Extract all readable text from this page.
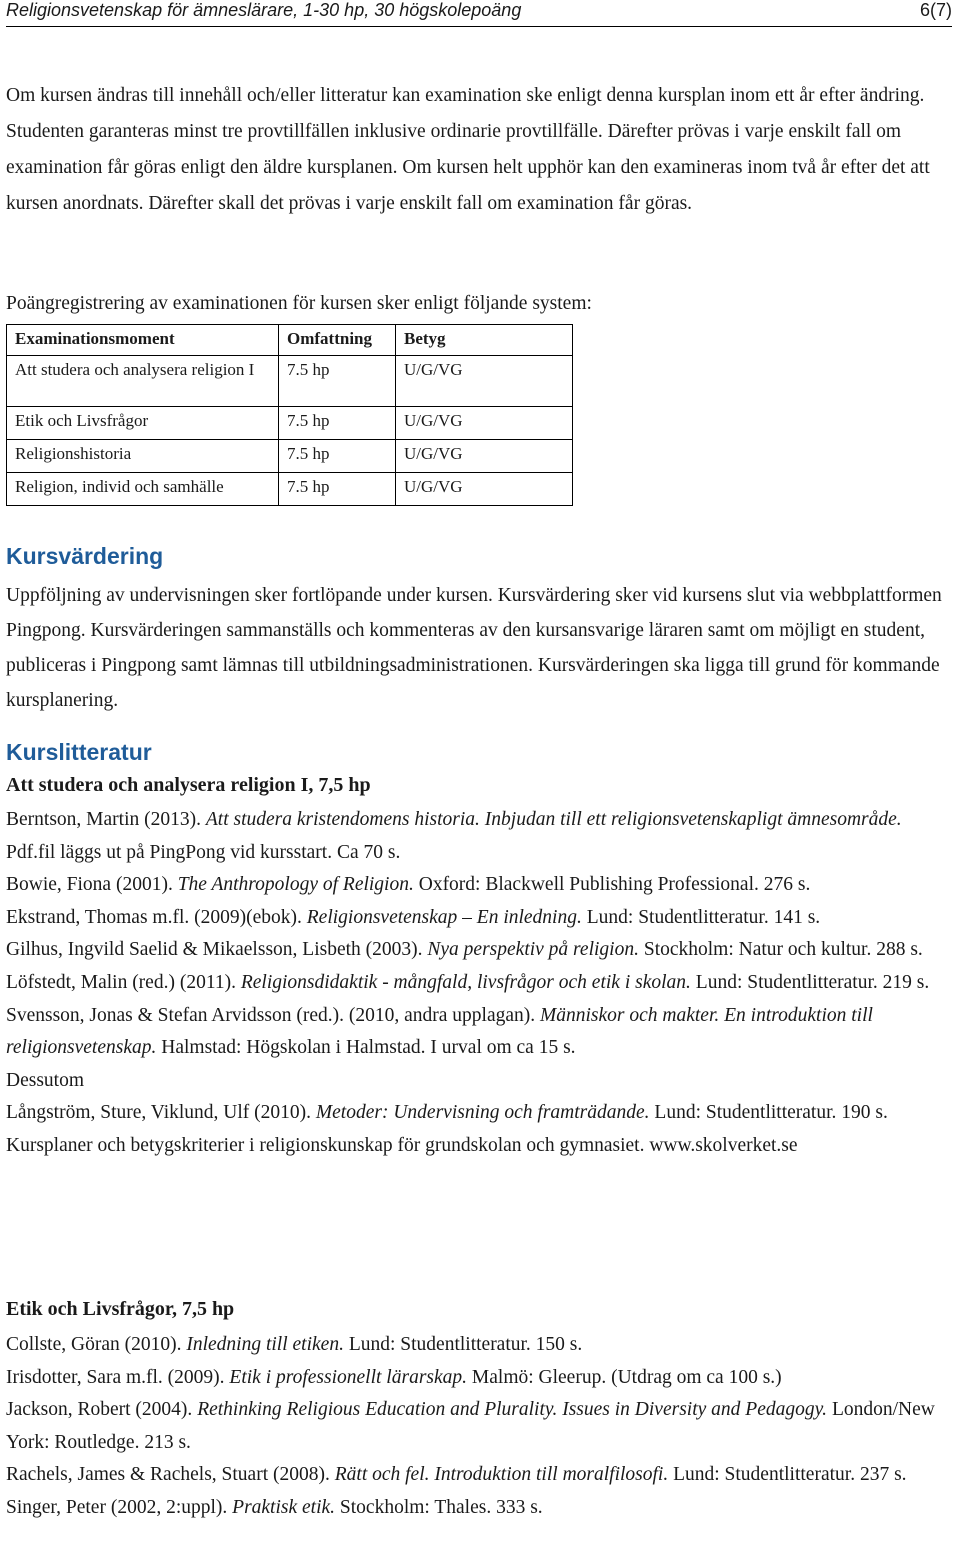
Religionsvetenskap för ämneslärare, 1-30 hp, 30 högskolepoäng	6(7)

Om kursen ändras till innehåll och/eller litteratur kan examination ske enligt denna kursplan inom ett år efter ändring. Studenten garanteras minst tre provtillfällen inklusive ordinarie provtillfälle. Därefter prövas i varje enskilt fall om examination får göras enligt den äldre kursplanen. Om kursen helt upphör kan den examineras inom två år efter det att kursen anordnats. Därefter skall det prövas i varje enskilt fall om examination får göras.

Poängregistrering av examinationen för kursen sker enligt följande system:

Examinationsmoment	Omfattning	Betyg
Att studera och analysera religion I	7.5 hp	U/G/VG
Etik och Livsfrågor	7.5 hp	U/G/VG
Religionshistoria	7.5 hp	U/G/VG
Religion, individ och samhälle	7.5 hp	U/G/VG
Kursvärdering

Uppföljning av undervisningen sker fortlöpande under kursen. Kursvärdering sker vid kursens slut via webbplattformen Pingpong. Kursvärderingen sammanställs och kommenteras av den kursansvarige läraren samt om möjligt en student, publiceras i Pingpong samt lämnas till utbildningsadministrationen. Kursvärderingen ska ligga till grund för kommande kursplanering.

Kurslitteratur
Att studera och analysera religion I, 7,5 hp

Berntson, Martin (2013). Att studera kristendomens historia. Inbjudan till ett religionsvetenskapligt ämnesområde. Pdf.fil läggs ut på PingPong vid kursstart. Ca 70 s.

Bowie, Fiona (2001). The Anthropology of Religion. Oxford: Blackwell Publishing Professional. 276 s.

Ekstrand, Thomas m.fl. (2009)(ebok). Religionsvetenskap – En inledning. Lund: Studentlitteratur. 141 s.

Gilhus, Ingvild Saelid & Mikaelsson, Lisbeth (2003). Nya perspektiv på religion. Stockholm: Natur och kultur. 288 s.

Löfstedt, Malin (red.) (2011). Religionsdidaktik - mångfald, livsfrågor och etik i skolan. Lund: Studentlitteratur. 219 s.

Svensson, Jonas & Stefan Arvidsson (red.). (2010, andra upplagan). Människor och makter. En introduktion till religionsvetenskap. Halmstad: Högskolan i Halmstad. I urval om ca 15 s.

Dessutom

Långström, Sture, Viklund, Ulf (2010). Metoder: Undervisning och framträdande. Lund: Studentlitteratur. 190 s.

Kursplaner och betygskriterier i religionskunskap för grundskolan och gymnasiet. www.skolverket.se

Etik och Livsfrågor, 7,5 hp

Collste, Göran (2010). Inledning till etiken. Lund: Studentlitteratur. 150 s.

Irisdotter, Sara m.fl. (2009). Etik i professionellt lärarskap. Malmö: Gleerup. (Utdrag om ca 100 s.)

Jackson, Robert (2004). Rethinking Religious Education and Plurality. Issues in Diversity and Pedagogy. London/New York: Routledge. 213 s.

Rachels, James & Rachels, Stuart (2008). Rätt och fel. Introduktion till moralfilosofi. Lund: Studentlitteratur. 237 s.

Singer, Peter (2002, 2:uppl). Praktisk etik. Stockholm: Thales. 333 s.
